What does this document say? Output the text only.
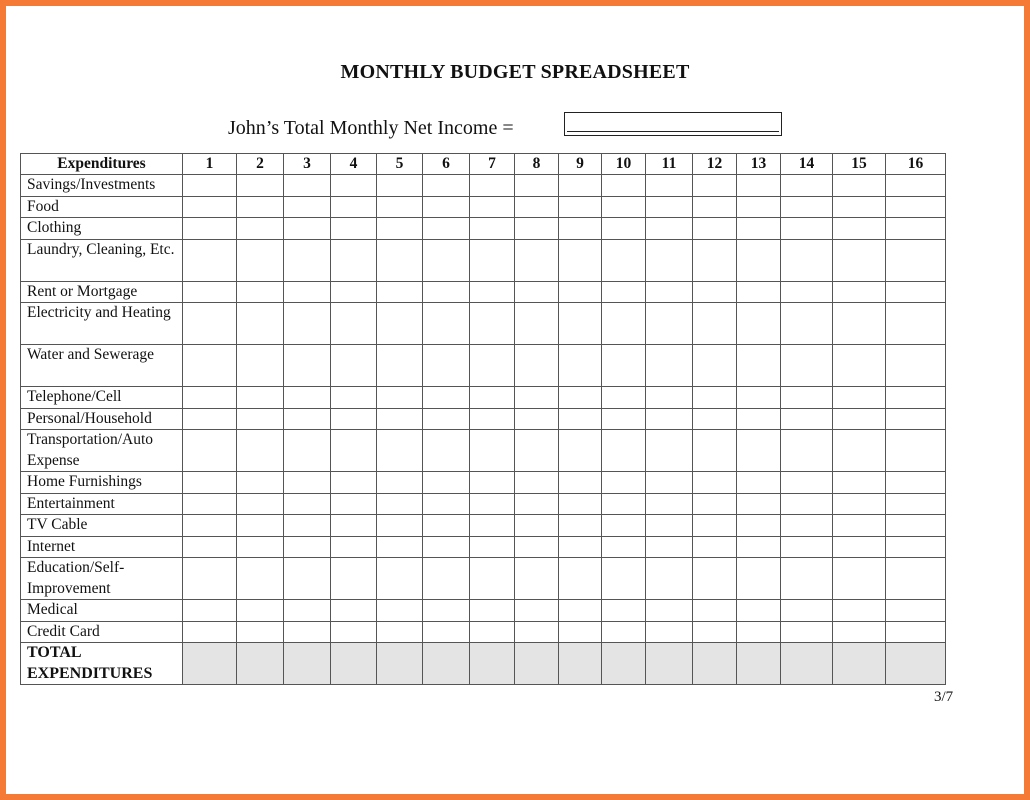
MONTHLY BUDGET SPREADSHEET
John’s Total Monthly Net Income =
Expenditures	1	2	3	4	5	6	7	8	9	10	11	12	13	14	15	16
Savings/Investments																
Food																
Clothing																
Laundry, Cleaning, Etc.																
Rent or Mortgage																
Electricity and Heating																
Water and Sewerage																
Telephone/Cell																
Personal/Household																
Transportation/Auto Expense																
Home Furnishings																
Entertainment																
TV Cable																
Internet																
Education/Self-Improvement																
Medical																
Credit Card																
TOTAL EXPENDITURES																
3/7
